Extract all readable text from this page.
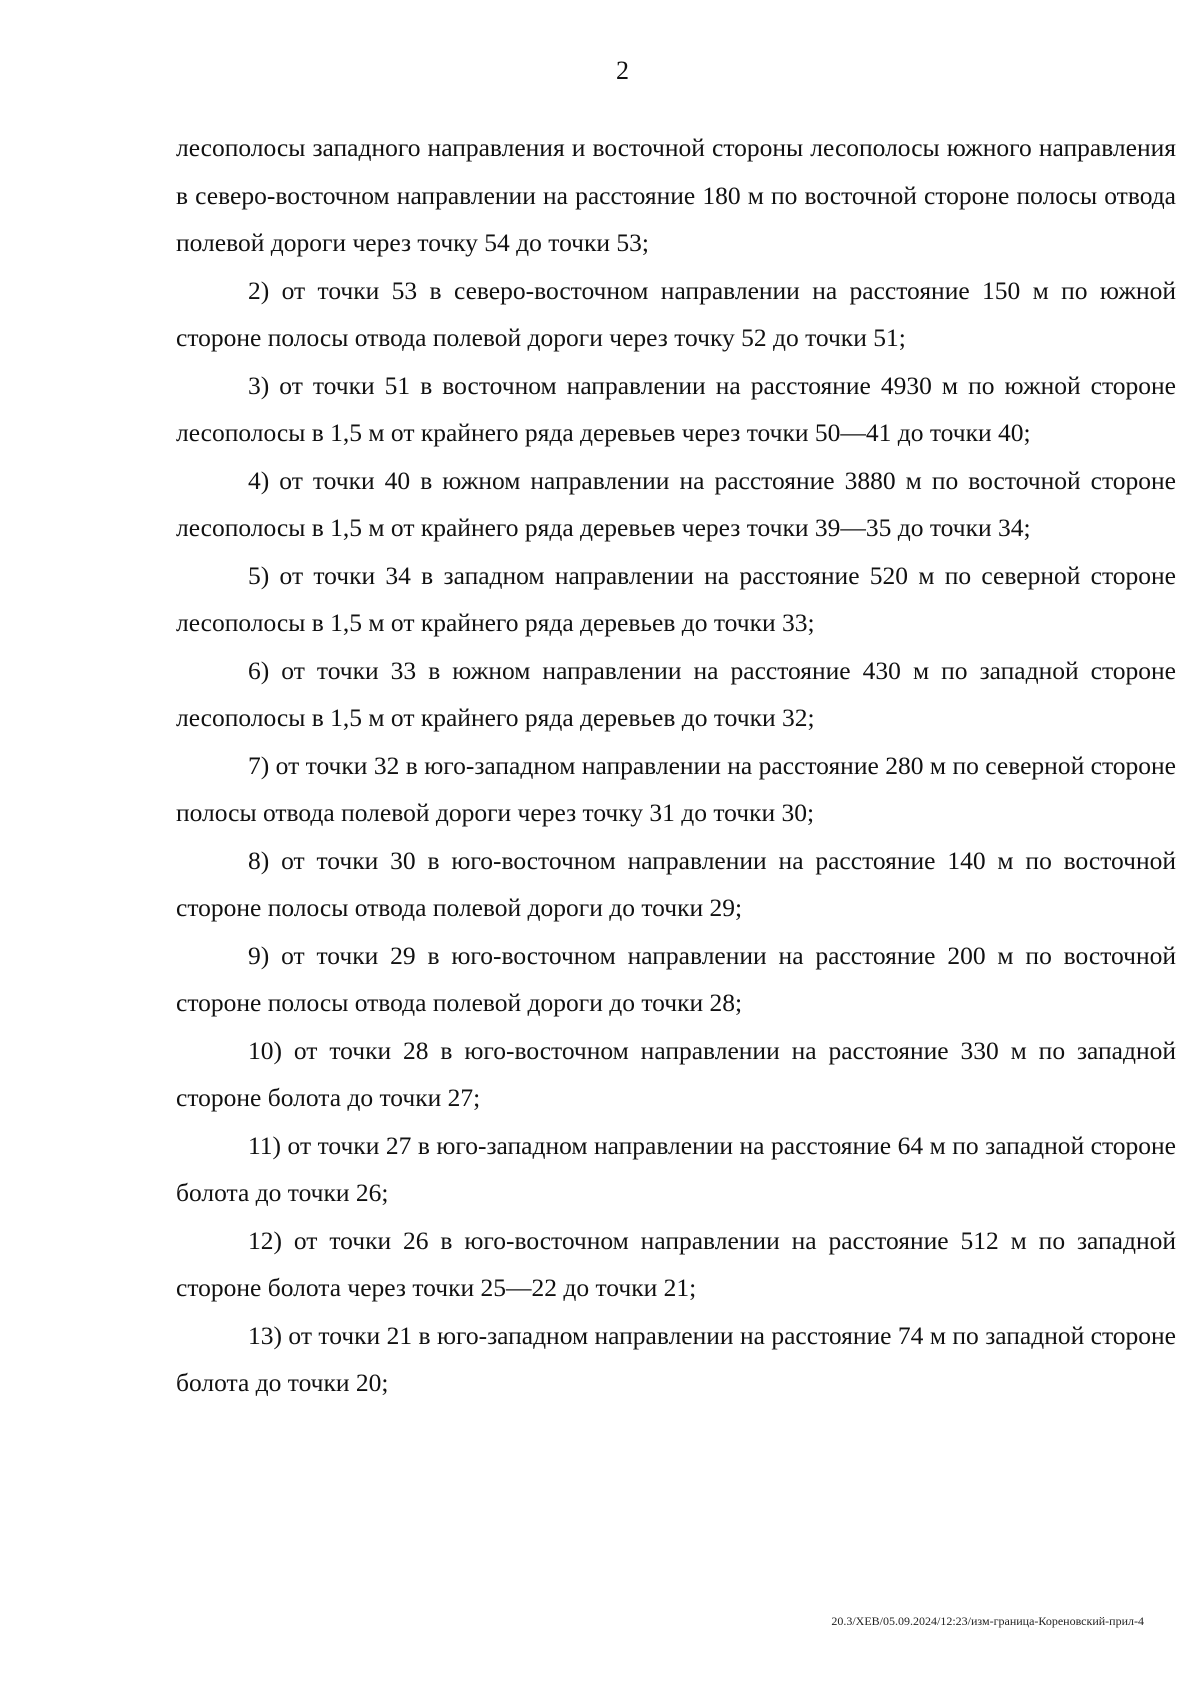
2

лесополосы западного направления и восточной стороны лесополосы южного направления в северо-восточном направлении на расстояние 180 м по восточной стороне полосы отвода полевой дороги через точку 54 до точки 53;

2) от точки 53 в северо-восточном направлении на расстояние 150 м по южной стороне полосы отвода полевой дороги через точку 52 до точки 51;

3) от точки 51 в восточном направлении на расстояние 4930 м по южной стороне лесополосы в 1,5 м от крайнего ряда деревьев через точки 50—41 до точки 40;

4) от точки 40 в южном направлении на расстояние 3880 м по восточной стороне лесополосы в 1,5 м от крайнего ряда деревьев через точки 39—35 до точки 34;

5) от точки 34 в западном направлении на расстояние 520 м по северной стороне лесополосы в 1,5 м от крайнего ряда деревьев до точки 33;

6) от точки 33 в южном направлении на расстояние 430 м по западной стороне лесополосы в 1,5 м от крайнего ряда деревьев до точки 32;

7) от точки 32 в юго-западном направлении на расстояние 280 м по северной стороне полосы отвода полевой дороги через точку 31 до точки 30;

8) от точки 30 в юго-восточном направлении на расстояние 140 м по восточной стороне полосы отвода полевой дороги до точки 29;

9) от точки 29 в юго-восточном направлении на расстояние 200 м по восточной стороне полосы отвода полевой дороги до точки 28;

10) от точки 28 в юго-восточном направлении на расстояние 330 м по западной стороне болота до точки 27;

11) от точки 27 в юго-западном направлении на расстояние 64 м по западной стороне болота до точки 26;

12) от точки 26 в юго-восточном направлении на расстояние 512 м по западной стороне болота через точки 25—22 до точки 21;

13) от точки 21 в юго-западном направлении на расстояние 74 м по западной стороне болота до точки 20;

20.3/ХЕВ/05.09.2024/12:23/изм-граница-Кореновский-прил-4
